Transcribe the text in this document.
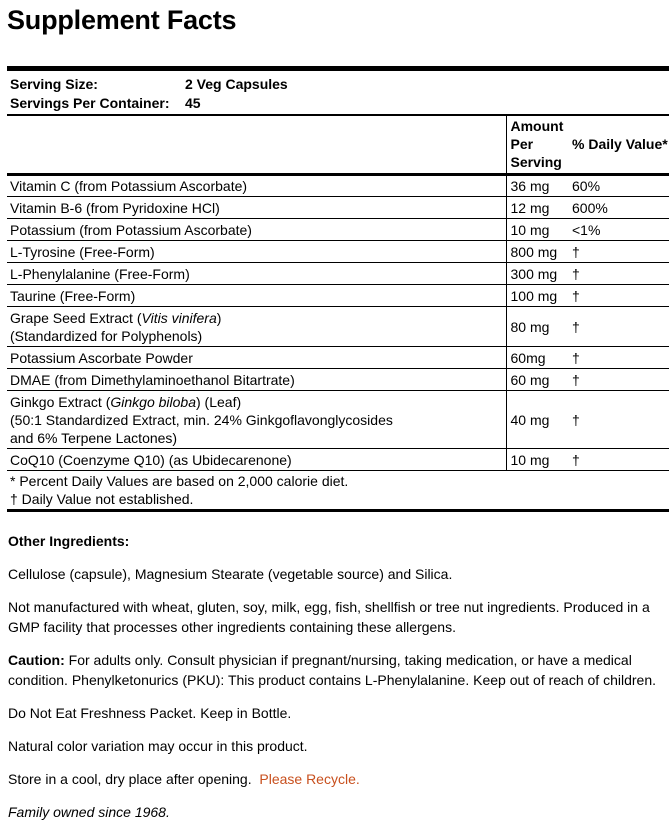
Supplement Facts
Serving Size:	2 Veg Capsules
Servings Per Container:	45

	Amount
Per
Serving	% Daily Value*
Vitamin C (from Potassium Ascorbate)	36 mg	60%
Vitamin B-6 (from Pyridoxine HCl)	12 mg	600%
Potassium (from Potassium Ascorbate)	10 mg	<1%
L-Tyrosine (Free-Form)	800 mg	†
L-Phenylalanine (Free-Form)	300 mg	†
Taurine (Free-Form)	100 mg	†

Grape Seed Extract (Vitis vinifera)
(Standardized for Polyphenols)	80 mg	†
Potassium Ascorbate Powder	60mg	†
DMAE (from Dimethylaminoethanol Bitartrate)	60 mg	†

Ginkgo Extract (Ginkgo biloba) (Leaf)
(50:1 Standardized Extract, min. 24% Ginkgoflavonglycosides
and 6% Terpene Lactones)	40 mg	†
CoQ10 (Coenzyme Q10) (as Ubidecarenone)	10 mg	†
* Percent Daily Values are based on 2,000 calorie diet.
† Daily Value not established.

Other Ingredients:

Cellulose (capsule), Magnesium Stearate (vegetable source) and Silica.

Not manufactured with wheat, gluten, soy, milk, egg, fish, shellfish or tree nut ingredients. Produced in a GMP facility that processes other ingredients containing these allergens.

Caution: For adults only. Consult physician if pregnant/nursing, taking medication, or have a medical condition. Phenylketonurics (PKU): This product contains L-Phenylalanine. Keep out of reach of children.

Do Not Eat Freshness Packet. Keep in Bottle.

Natural color variation may occur in this product.

Store in a cool, dry place after opening. Please Recycle.

Family owned since 1968.
